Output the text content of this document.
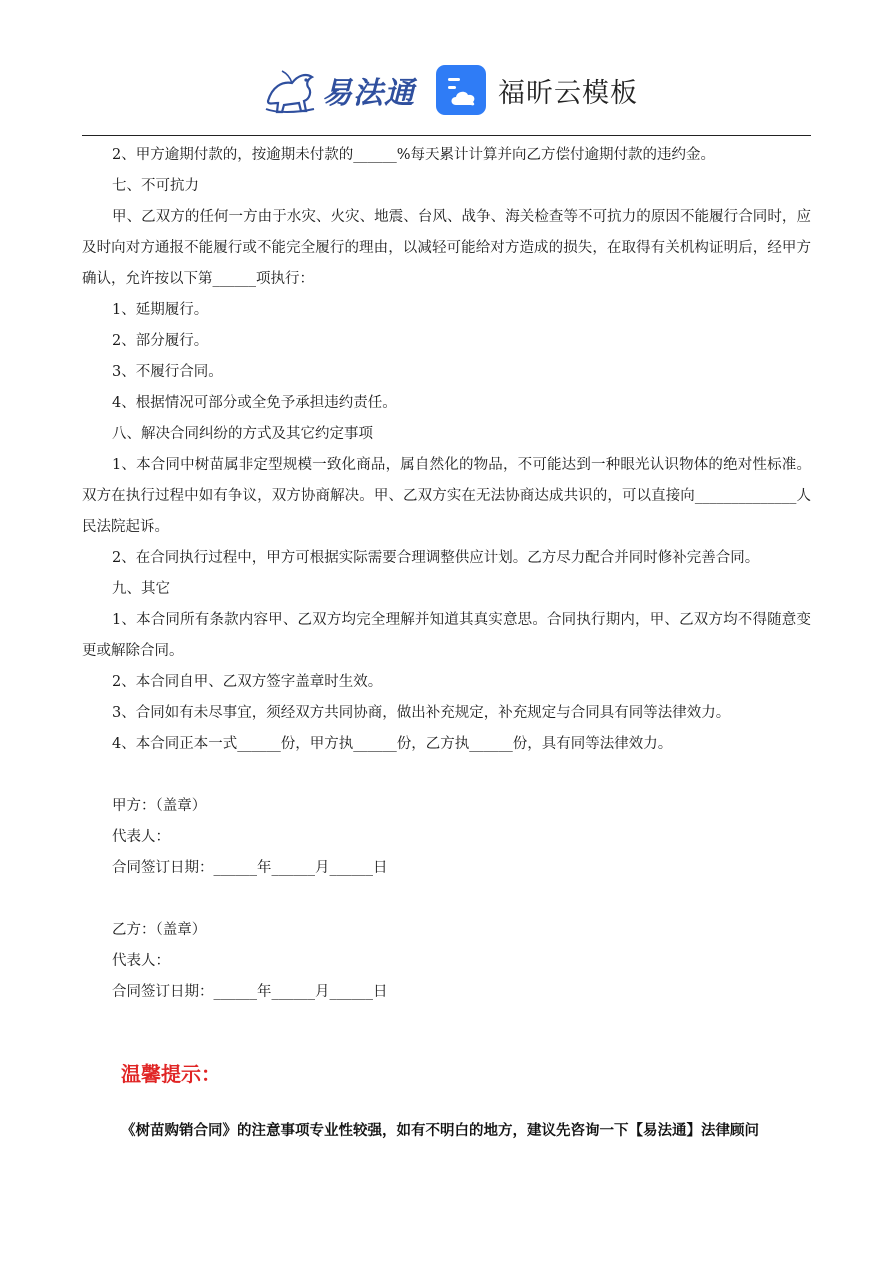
易法通	福昕云模板

2、甲方逾期付款的，按逾期未付款的______%每天累计计算并向乙方偿付逾期付款的违约金。

七、不可抗力

甲、乙双方的任何一方由于水灾、火灾、地震、台风、战争、海关检查等不可抗力的原因不能履行合同时，应及时向对方通报不能履行或不能完全履行的理由，以减轻可能给对方造成的损失，在取得有关机构证明后，经甲方确认，允许按以下第______项执行：

1、延期履行。

2、部分履行。

3、不履行合同。

4、根据情况可部分或全免予承担违约责任。

八、解决合同纠纷的方式及其它约定事项

1、本合同中树苗属非定型规模一致化商品，属自然化的物品，不可能达到一种眼光认识物体的绝对性标准。双方在执行过程中如有争议，双方协商解决。甲、乙双方实在无法协商达成共识的，可以直接向______________人民法院起诉。

2、在合同执行过程中，甲方可根据实际需要合理调整供应计划。乙方尽力配合并同时修补完善合同。

九、其它

1、本合同所有条款内容甲、乙双方均完全理解并知道其真实意思。合同执行期内，甲、乙双方均不得随意变更或解除合同。

2、本合同自甲、乙双方签字盖章时生效。

3、合同如有未尽事宜，须经双方共同协商，做出补充规定，补充规定与合同具有同等法律效力。

4、本合同正本一式______份，甲方执______份，乙方执______份，具有同等法律效力。

甲方：（盖章）

代表人：

合同签订日期：______年______月______日

乙方：（盖章）

代表人：

合同签订日期：______年______月______日

温馨提示：
《树苗购销合同》的注意事项专业性较强，如有不明白的地方，建议先咨询一下【易法通】法律顾问
